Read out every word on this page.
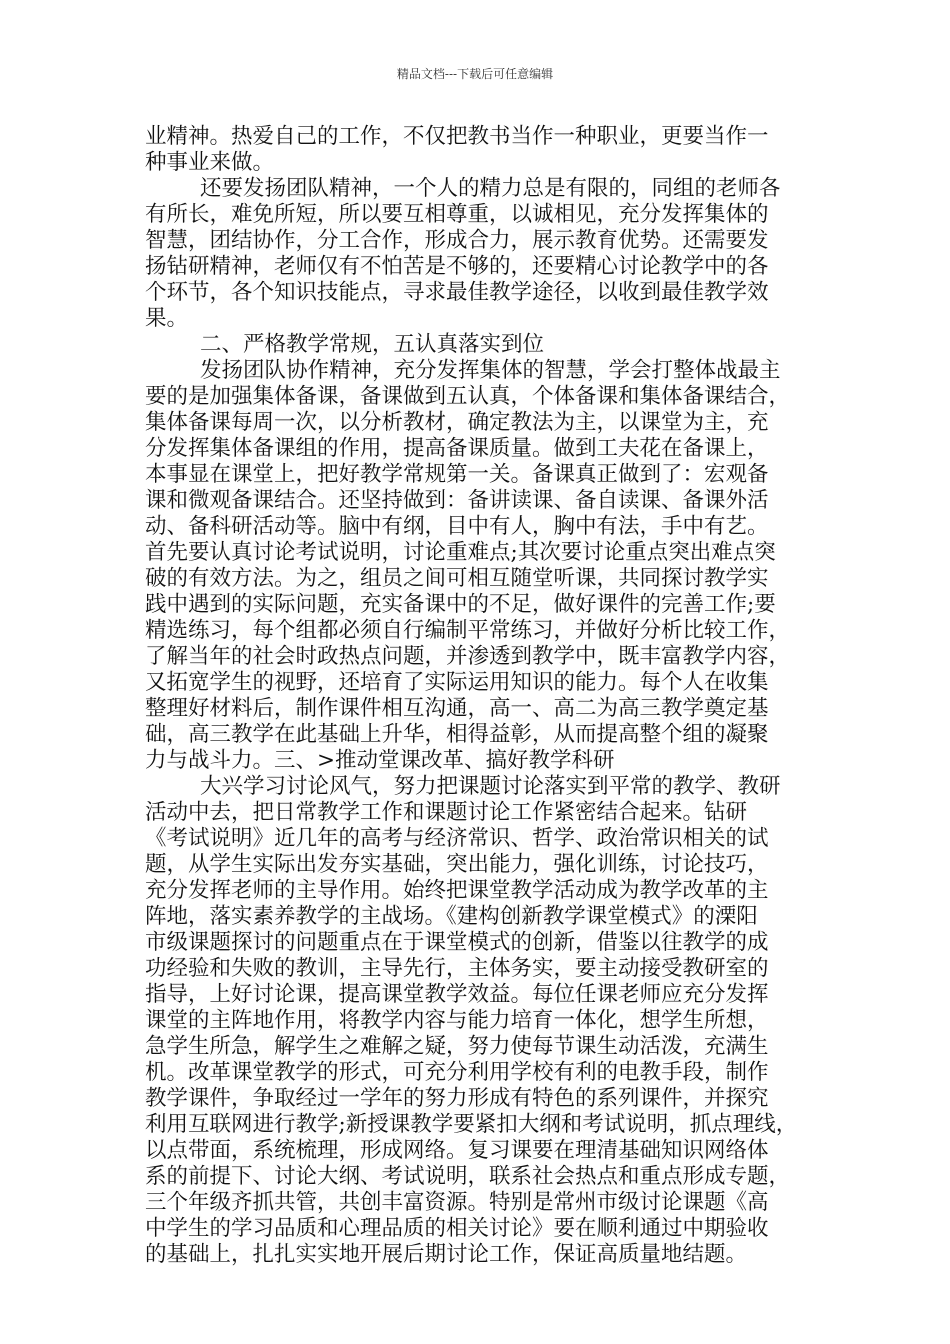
精品文档---下载后可任意编辑
业精神。热爱自己的工作，不仅把教书当作一种职业，更要当作一
种事业来做。
还要发扬团队精神，一个人的精力总是有限的，同组的老师各
有所长，难免所短，所以要互相尊重，以诚相见，充分发挥集体的
智慧，团结协作，分工合作，形成合力，展示教育优势。还需要发
扬钻研精神，老师仅有不怕苦是不够的，还要精心讨论教学中的各
个环节，各个知识技能点，寻求最佳教学途径，以收到最佳教学效
果。
二、严格教学常规，五认真落实到位
发扬团队协作精神，充分发挥集体的智慧，学会打整体战最主
要的是加强集体备课，备课做到五认真，个体备课和集体备课结合，
集体备课每周一次，以分析教材，确定教法为主，以课堂为主，充
分发挥集体备课组的作用，提高备课质量。做到工夫花在备课上，
本事显在课堂上，把好教学常规第一关。备课真正做到了：宏观备
课和微观备课结合。还坚持做到：备讲读课、备自读课、备课外活
动、备科研活动等。脑中有纲，目中有人，胸中有法，手中有艺。
首先要认真讨论考试说明，讨论重难点;其次要讨论重点突出难点突
破的有效方法。为之，组员之间可相互随堂听课，共同探讨教学实
践中遇到的实际问题，充实备课中的不足，做好课件的完善工作;要
精选练习，每个组都必须自行编制平常练习，并做好分析比较工作，
了解当年的社会时政热点问题，并渗透到教学中，既丰富教学内容，
又拓宽学生的视野，还培育了实际运用知识的能力。每个人在收集
整理好材料后，制作课件相互沟通，高一、高二为高三教学奠定基
础，高三教学在此基础上升华，相得益彰，从而提高整个组的凝聚
力与战斗力。三、>推动堂课改革、搞好教学科研
大兴学习讨论风气，努力把课题讨论落实到平常的教学、教研
活动中去，把日常教学工作和课题讨论工作紧密结合起来。钻研
《考试说明》近几年的高考与经济常识、哲学、政治常识相关的试
题，从学生实际出发夯实基础，突出能力，强化训练，讨论技巧，
充分发挥老师的主导作用。始终把课堂教学活动成为教学改革的主
阵地，落实素养教学的主战场。《建构创新教学课堂模式》的溧阳
市级课题探讨的问题重点在于课堂模式的创新，借鉴以往教学的成
功经验和失败的教训，主导先行，主体务实，要主动接受教研室的
指导，上好讨论课，提高课堂教学效益。每位任课老师应充分发挥
课堂的主阵地作用，将教学内容与能力培育一体化，想学生所想，
急学生所急，解学生之难解之疑，努力使每节课生动活泼，充满生
机。改革课堂教学的形式，可充分利用学校有利的电教手段，制作
教学课件，争取经过一学年的努力形成有特色的系列课件，并探究
利用互联网进行教学;新授课教学要紧扣大纲和考试说明，抓点理线，
以点带面，系统梳理，形成网络。复习课要在理清基础知识网络体
系的前提下、讨论大纲、考试说明，联系社会热点和重点形成专题，
三个年级齐抓共管，共创丰富资源。特别是常州市级讨论课题《高
中学生的学习品质和心理品质的相关讨论》要在顺利通过中期验收
的基础上，扎扎实实地开展后期讨论工作，保证高质量地结题。
